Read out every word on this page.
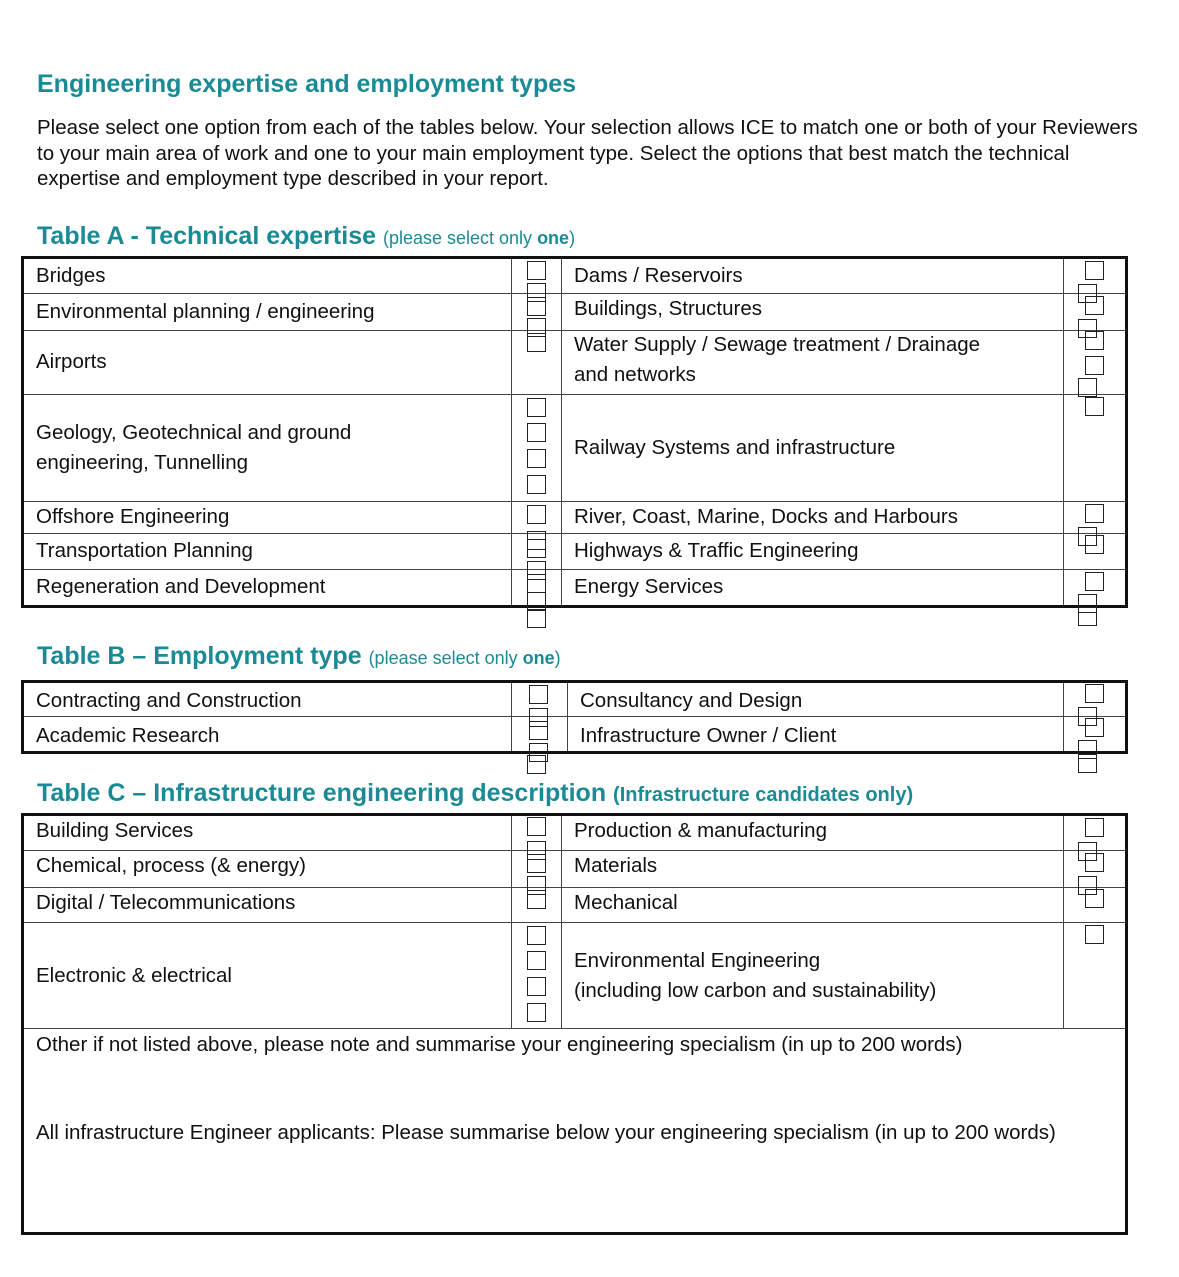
Engineering expertise and employment types
Please select one option from each of the tables below. Your selection allows ICE to match one or both of your Reviewers to your main area of work and one to your main employment type. Select the options that best match the technical expertise and employment type described in your report.
Table A - Technical expertise (please select only one)
Bridges
Environmental planning / engineering
Airports
Geology, Geotechnical and ground
engineering, Tunnelling
Offshore Engineering
Transportation Planning
Regeneration and Development
Dams / Reservoirs
Buildings, Structures
Water Supply / Sewage treatment / Drainage
and networks
Railway Systems and infrastructure
River, Coast, Marine, Docks and Harbours
Highways & Traffic Engineering
Energy Services
Table B – Employment type (please select only one)
Contracting and Construction
Academic Research
Consultancy and Design
Infrastructure Owner / Client
Table C – Infrastructure engineering description (Infrastructure candidates only)
Building Services
Chemical, process (& energy)
Digital / Telecommunications
Electronic & electrical
Production & manufacturing
Materials
Mechanical
Environmental Engineering
(including low carbon and sustainability)
Other if not listed above, please note and summarise your engineering specialism (in up to 200 words)
All infrastructure Engineer applicants: Please summarise below your engineering specialism (in up to 200 words)
